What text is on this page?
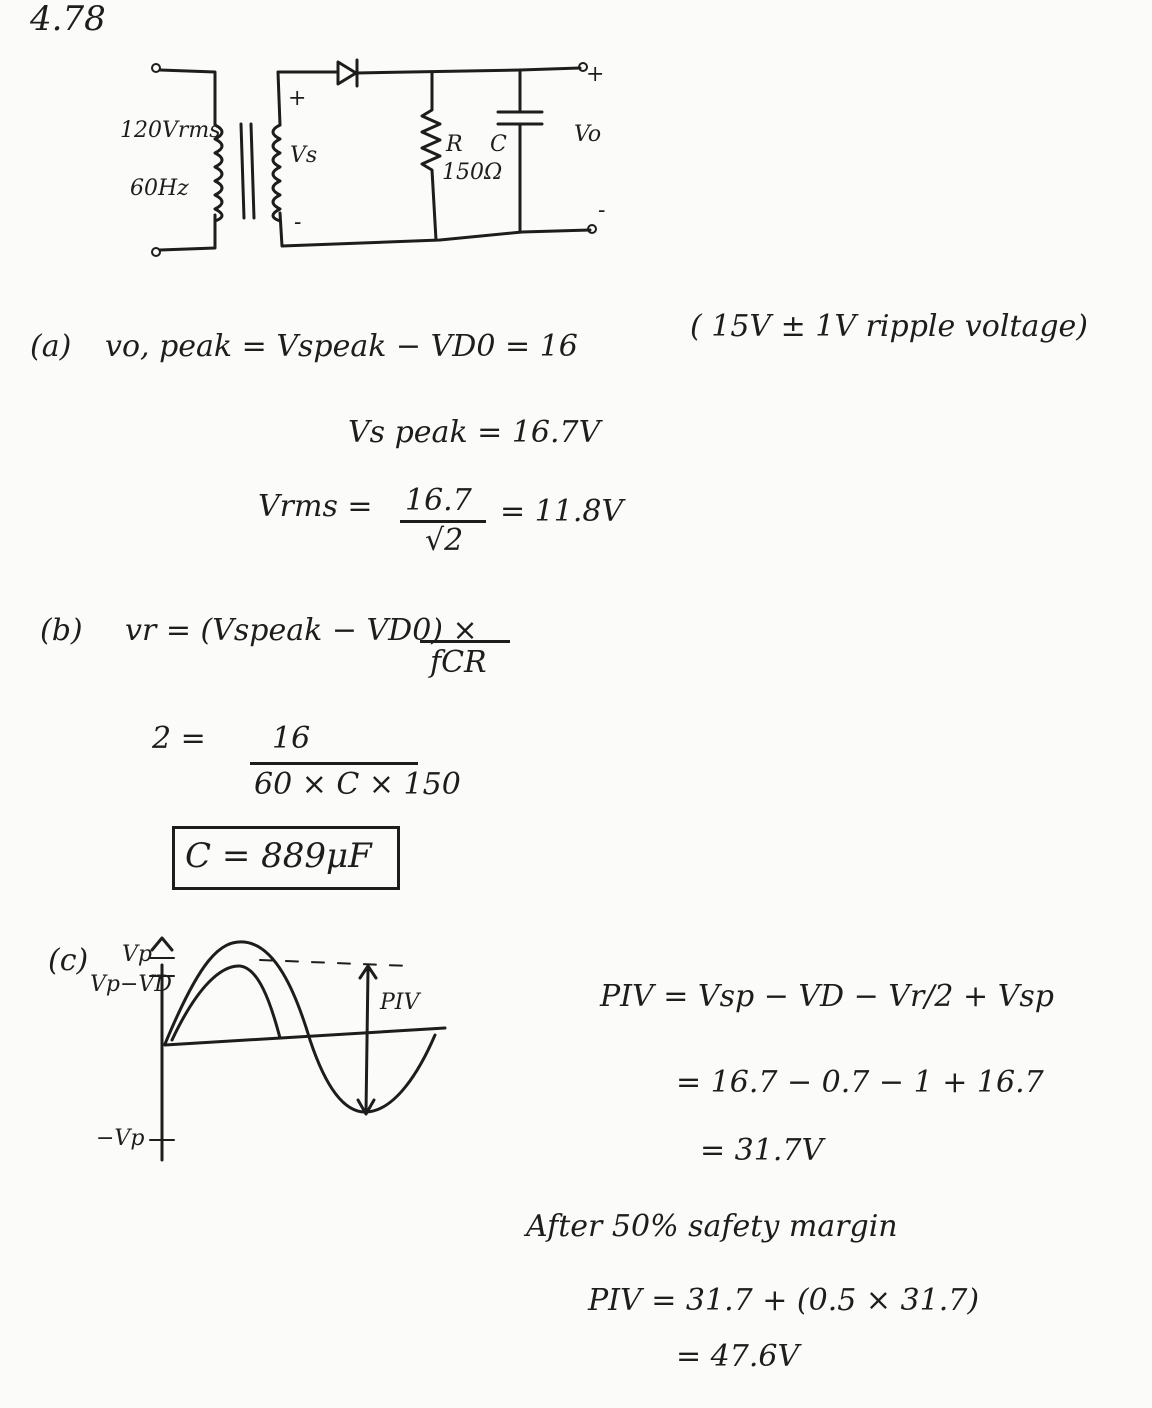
4.78
120Vrms
60Hz
Vs
+
-
R
150Ω
C	Vo
+
-
(a) vo, peak = Vspeak − VD0 = 16
( 15V ± 1V ripple voltage)
Vs peak = 16.7V
Vrms = 16.7
√2
= 11.8V
(b) vr = (Vspeak − VD0) ×
fCR
2 = 16
60 × C × 150
C = 889μF
(c) Vp
Vp−VD
−Vp
PIV	PIV = Vsp − VD − Vr/2 + Vsp
= 16.7 − 0.7 − 1 + 16.7
= 31.7V
After 50% safety margin
PIV = 31.7 + (0.5 × 31.7)
= 47.6V
